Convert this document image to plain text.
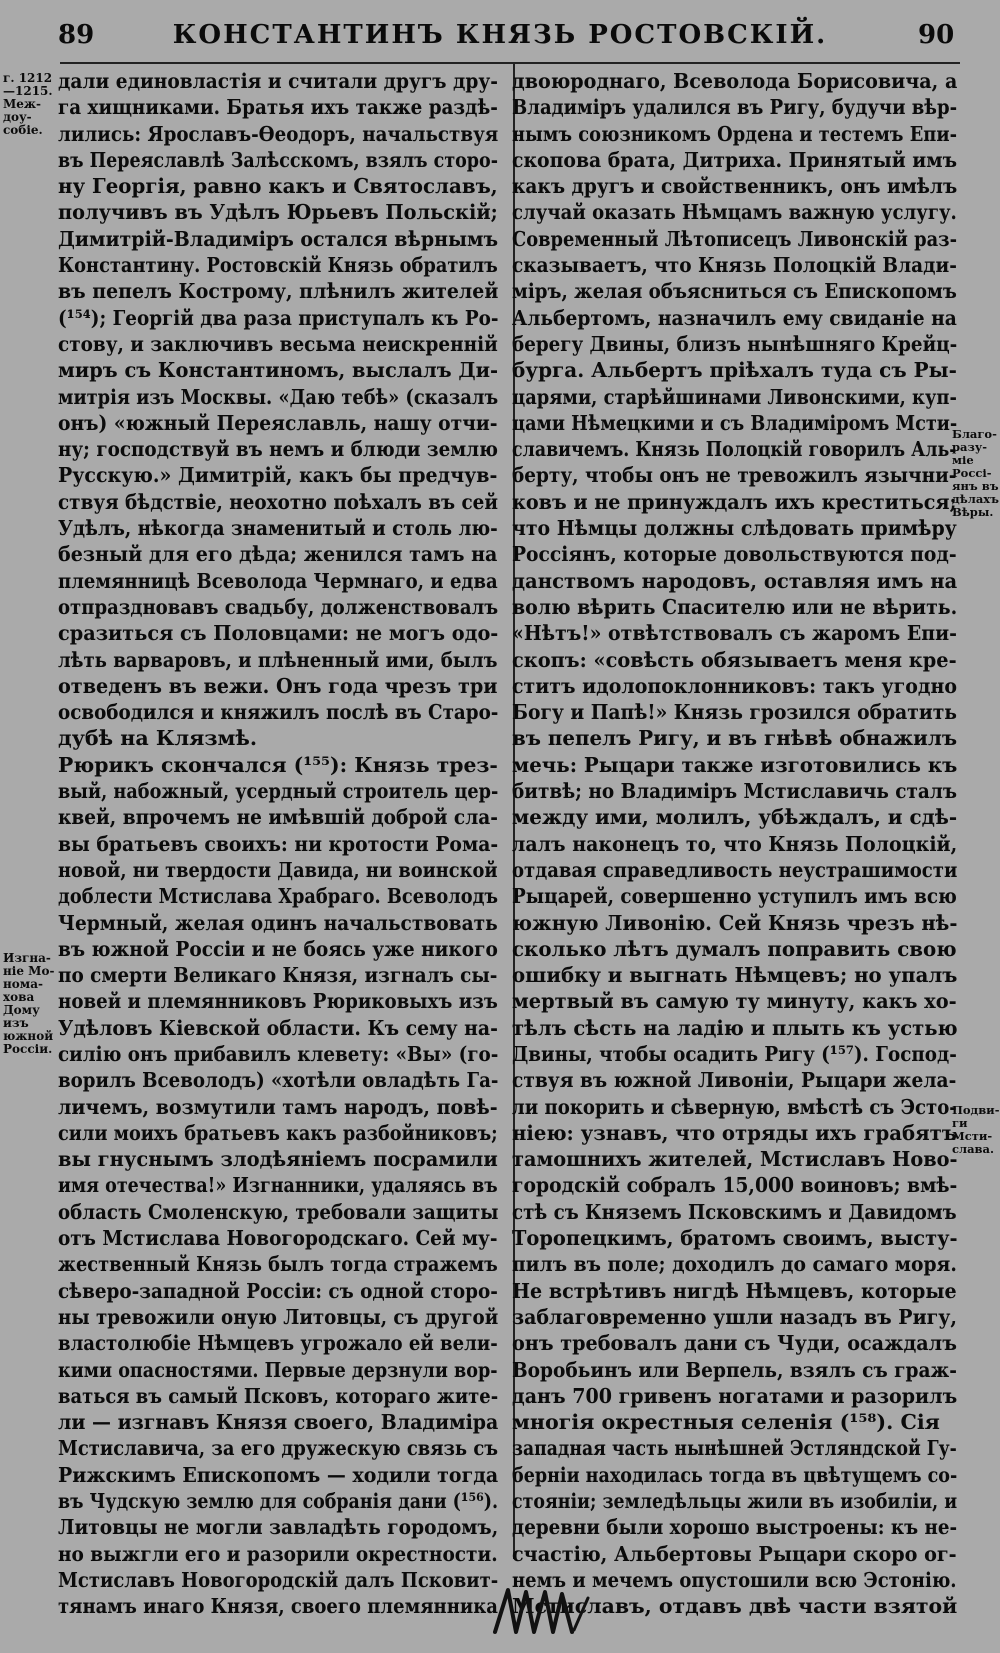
89	КОНСТАНТИНЪ КНЯЗЬ РОСТОВСКІЙ.	90
г. 1212
—1215.
Меж-
доу-
собіе.
Изгна-
ніе Мо-
нома-
хова
Дому
изъ
южной
Россіи.
Благо-
разу-
міе
Россі-
янъ въ
дѣлахъ
Вѣры.
Подви-
ги
Мсти-
слава.
дали единовластія и считали другъ дру-
га хищниками. Братья ихъ также раздѣ-
лились: Ярославъ-Ѳеодоръ, начальствуя
въ Переяславлѣ Залѣсскомъ, взялъ сторо-
ну Георгія, равно какъ и Святославъ,
получивъ въ Удѣлъ Юрьевъ Польскій;
Димитрій-Владиміръ остался вѣрнымъ
Константину. Ростовскій Князь обратилъ
въ пепелъ Кострому, плѣнилъ жителей
(¹⁵⁴); Георгій два раза приступалъ къ Ро-
стову, и заключивъ весьма неискренній
миръ съ Константиномъ, выслалъ Ди-
митрія изъ Москвы. «Даю тебѣ» (сказалъ
онъ) «южный Переяславль, нашу отчи-
ну; господствуй въ немъ и блюди землю
Русскую.» Димитрій, какъ бы предчув-
ствуя бѣдствіе, неохотно поѣхалъ въ сей
Удѣлъ, нѣкогда знаменитый и столь лю-
безный для его дѣда; женился тамъ на
племянницѣ Всеволода Чермнаго, и едва
отпраздновавъ свадьбу, долженствовалъ
сразиться съ Половцами: не могъ одо-
лѣть варваровъ, и плѣненный ими, былъ
отведенъ въ вежи. Онъ года чрезъ три
освободился и княжилъ послѣ въ Старо-
дубѣ на Клязмѣ.
Рюрикъ скончался (¹⁵⁵): Князь трез-
вый, набожный, усердный строитель цер-
квей, впрочемъ не имѣвшій доброй сла-
вы братьевъ своихъ: ни кротости Рома-
новой, ни твердости Давида, ни воинской
доблести Мстислава Храбраго. Всеволодъ
Чермный, желая одинъ начальствовать
въ южной Россіи и не боясь уже никого
по смерти Великаго Князя, изгналъ сы-
новей и племянниковъ Рюриковыхъ изъ
Удѣловъ Кіевской области. Къ сему на-
силію онъ прибавилъ клевету: «Вы» (го-
ворилъ Всеволодъ) «хотѣли овладѣть Га-
личемъ, возмутили тамъ народъ, повѣ-
сили моихъ братьевъ какъ разбойниковъ;
вы гнуснымъ злодѣяніемъ посрамили
имя отечества!» Изгнанники, удаляясь въ
область Смоленскую, требовали защиты
отъ Мстислава Новогородскаго. Сей му-
жественный Князь былъ тогда стражемъ
сѣверо-западной Россіи: съ одной сторо-
ны тревожили оную Литовцы, съ другой
властолюбіе Нѣмцевъ угрожало ей вели-
кими опасностями. Первые дерзнули вор-
ваться въ самый Псковъ, котораго жите-
ли — изгнавъ Князя своего, Владиміра
Мстиславича, за его дружескую связь съ
Рижскимъ Епископомъ — ходили тогда
въ Чудскую землю для собранія дани (¹⁵⁶).
Литовцы не могли завладѣть городомъ,
но выжгли его и разорили окрестности.
Мстиславъ Новогородскій далъ Псковит-
тянамъ инаго Князя, своего племянника
двоюроднаго, Всеволода Борисовича, а
Владиміръ удалился въ Ригу, будучи вѣр-
нымъ союзникомъ Ордена и тестемъ Епи-
скопова брата, Дитриха. Принятый имъ
какъ другъ и свойственникъ, онъ имѣлъ
случай оказать Нѣмцамъ важную услугу.
Современный Лѣтописецъ Ливонскій раз-
сказываетъ, что Князь Полоцкій Влади-
міръ, желая объясниться съ Епископомъ
Альбертомъ, назначилъ ему свиданіе на
берегу Двины, близъ нынѣшняго Крейц-
бурга. Альбертъ пріѣхалъ туда съ Ры-
царями, старѣйшинами Ливонскими, куп-
цами Нѣмецкими и съ Владиміромъ Мсти-
славичемъ. Князь Полоцкій говорилъ Аль-
берту, чтобы онъ не тревожилъ язычни-
ковъ и не принуждалъ ихъ креститься;
что Нѣмцы должны слѣдовать примѣру
Россіянъ, которые довольствуются под-
данствомъ народовъ, оставляя имъ на
волю вѣрить Спасителю или не вѣрить.
«Нѣтъ!» отвѣтствовалъ съ жаромъ Епи-
скопъ: «совѣсть обязываетъ меня кре-
ститъ идолопоклонниковъ: такъ угодно
Богу и Папѣ!» Князь грозился обратить
въ пепелъ Ригу, и въ гнѣвѣ обнажилъ
мечь: Рыцари также изготовились къ
битвѣ; но Владиміръ Мстиславичь сталъ
между ими, молилъ, убѣждалъ, и сдѣ-
лалъ наконецъ то, что Князь Полоцкій,
отдавая справедливость неустрашимости
Рыцарей, совершенно уступилъ имъ всю
южную Ливонію. Сей Князь чрезъ нѣ-
сколько лѣтъ думалъ поправить свою
ошибку и выгнать Нѣмцевъ; но упалъ
мертвый въ самую ту минуту, какъ хо-
тѣлъ сѣсть на ладію и плыть къ устью
Двины, чтобы осадить Ригу (¹⁵⁷). Господ-
ствуя въ южной Ливоніи, Рыцари жела-
ли покорить и сѣверную, вмѣстѣ съ Эсто-
ніею: узнавъ, что отряды ихъ грабятъ
тамошнихъ жителей, Мстиславъ Ново-
городскій собралъ 15,000 воиновъ; вмѣ-
стѣ съ Княземъ Псковскимъ и Давидомъ
Торопецкимъ, братомъ своимъ, высту-
пилъ въ поле; доходилъ до самаго моря.
Не встрѣтивъ нигдѣ Нѣмцевъ, которые
заблаговременно ушли назадъ въ Ригу,
онъ требовалъ дани съ Чуди, осаждалъ
Воробьинъ или Верпель, взялъ съ граж-
данъ 700 гривенъ ногатами и разорилъ
многія окрестныя селенія (¹⁵⁸). Сія
западная часть нынѣшней Эстляндской Гу-
берніи находилась тогда въ цвѣтущемъ со-
стояніи; земледѣльцы жили въ изобиліи, и
деревни были хорошо выстроены: къ не-
счастію, Альбертовы Рыцари скоро ог-
немъ и мечемъ опустошили всю Эстонію.
Мстиславъ, отдавъ двѣ части взятой
